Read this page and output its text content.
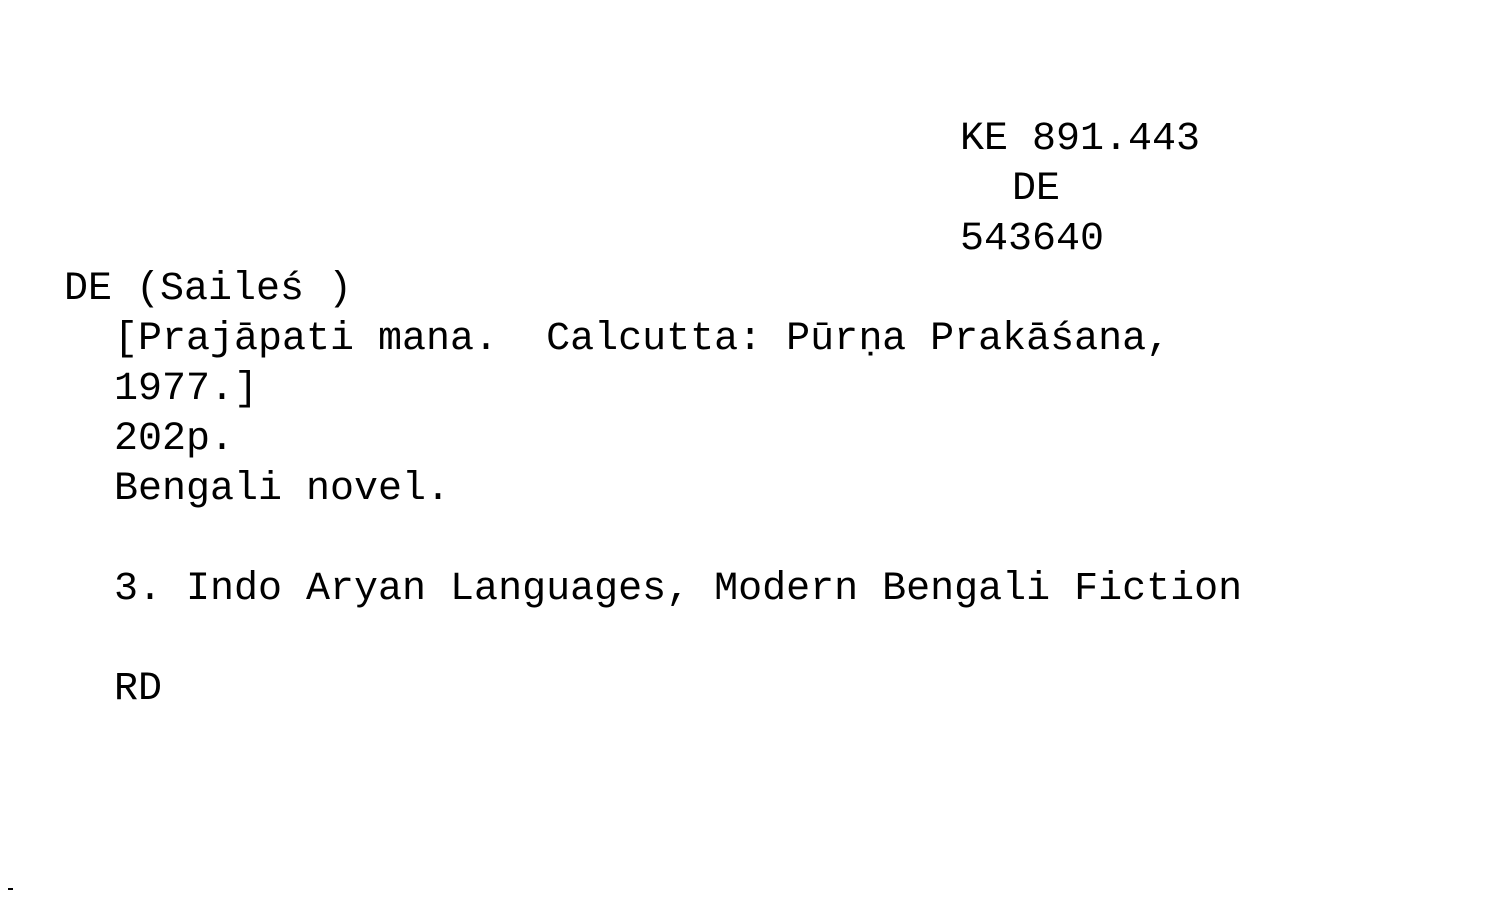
KE 891.443
DE
543640
DE (Saileś )
[Prajāpati mana.  Calcutta: Pūrṇa Prakāśana,
1977.]
202p.
Bengali novel.
3. Indo Aryan Languages, Modern Bengali Fiction
RD
